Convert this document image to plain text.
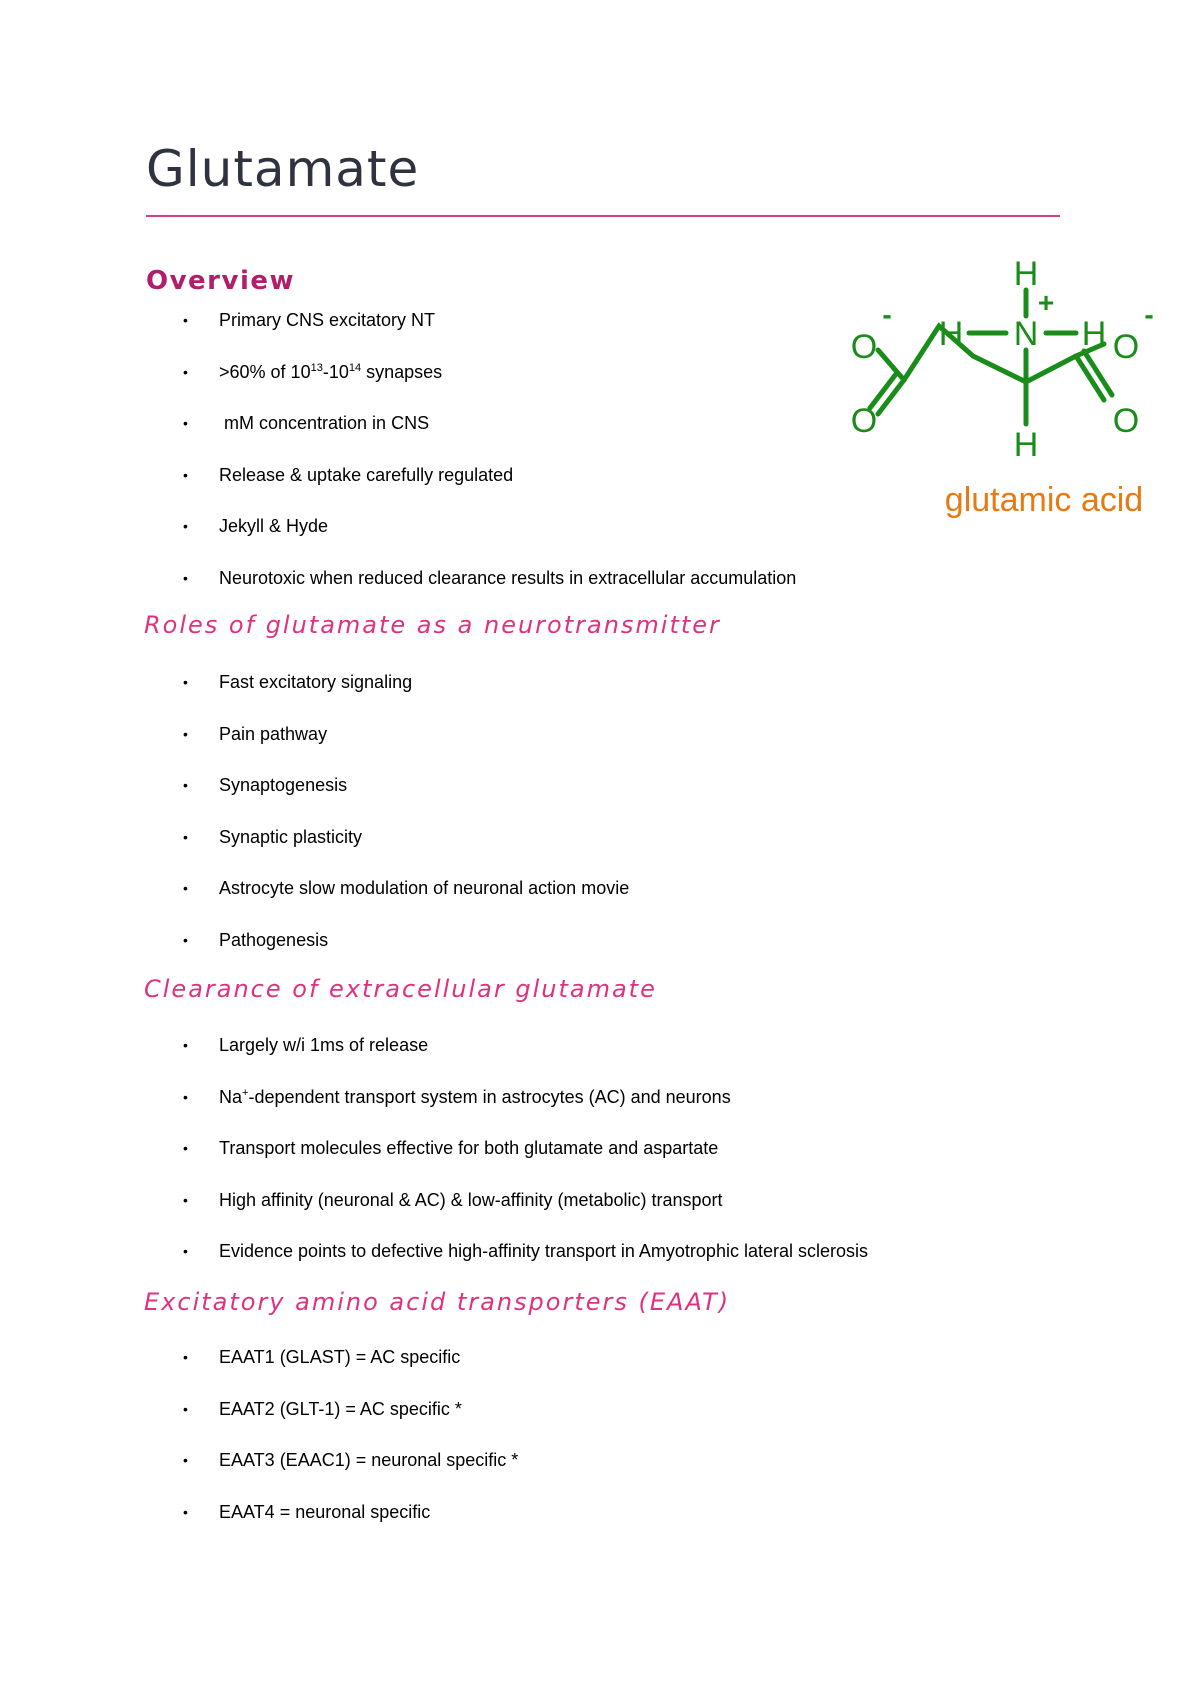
Glutamate
Overview
• Primary CNS excitatory NT
• >60% of $10^{13}-10^{14}$ synapses
• mM concentration in CNS
• Release & uptake carefully regulated
• Jekyll & Hyde
• Neurotoxic when reduced clearance results in extracellular accumulation
Roles of glutamate as a neurotransmitter
• Fast excitatory signaling
• Pain pathway
• Synaptogenesis
• Synaptic plasticity
• Astrocyte slow modulation of neuronal action movie
• Pathogenesis
Clearance of extracellular glutamate
• Largely w/i 1ms of release
• Na+-dependent transport system in astrocytes (AC) and neurons
• Transport molecules effective for both glutamate and aspartate
• High affinity (neuronal & AC) & low-affinity (metabolic) transport
• Evidence points to defective high-affinity transport in Amyotrophic lateral sclerosis
Excitatory amino acid transporters (EAAT)
• EAAT1 (GLAST) = AC specific
• EAAT2 (GLT-1) = AC specific *
• EAAT3 (EAAC1) = neuronal specific *
• EAAT4 = neuronal specific
H
H N H
H
O
O
O
O
+
-	-
glutamic acid
